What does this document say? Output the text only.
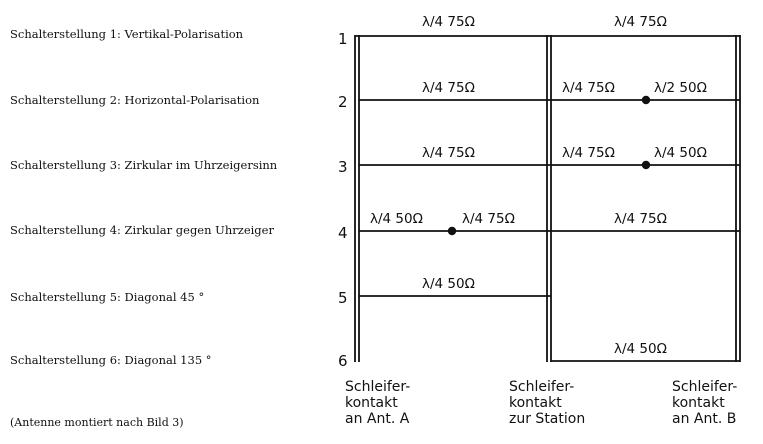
Schalterstellung 1: Vertikal-Polarisation
Schalterstellung 2: Horizontal-Polarisation
Schalterstellung 3: Zirkular im Uhrzeigersinn
Schalterstellung 4: Zirkular gegen Uhrzeiger
Schalterstellung 5: Diagonal 45 °
Schalterstellung 6: Diagonal 135 °
(Antenne montiert nach Bild 3)
1
2
3
4
5
6
λ/4 75Ω	λ/4 75Ω
λ/4 75Ω	λ/4 75Ω	λ/2 50Ω
λ/4 75Ω	λ/4 75Ω	λ/4 50Ω
λ/4 50Ω	λ/4 75Ω	λ/4 75Ω
λ/4 50Ω
λ/4 50Ω
Schleifer-
kontakt
an Ant. A
Schleifer-
kontakt
zur Station
Schleifer-
kontakt
an Ant. B
